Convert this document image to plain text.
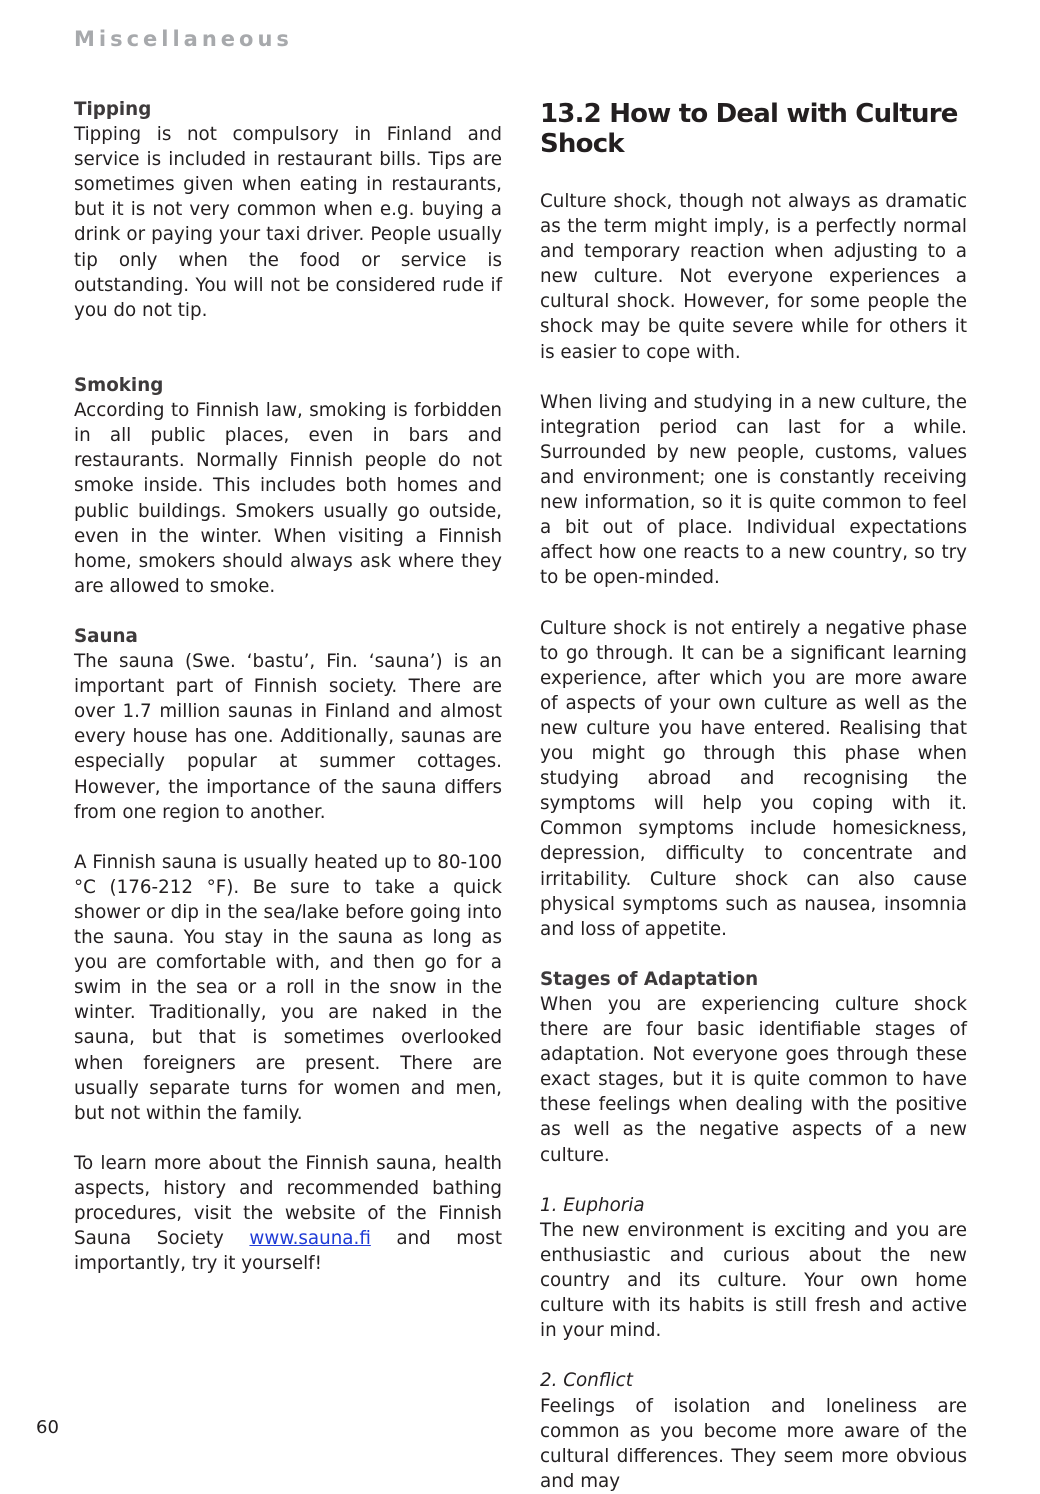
Miscellaneous

Tipping

Tipping is not compulsory in Finland and service is included in restaurant bills. Tips are sometimes given when eating in restaurants, but it is not very common when e.g. buying a drink or paying your taxi driver. People usually tip only when the food or service is outstanding. You will not be considered rude if you do not tip.

Smoking

According to Finnish law, smoking is forbidden in all public places, even in bars and restaurants. Normally Finnish people do not smoke inside. This includes both homes and public buildings. Smokers usually go outside, even in the winter. When visiting a Finnish home, smokers should always ask where they are allowed to smoke.

Sauna

The sauna (Swe. ‘bastu’, Fin. ‘sauna’) is an important part of Finnish society. There are over 1.7 million saunas in Finland and almost every house has one. Additionally, saunas are especially popular at summer cottages. However, the importance of the sauna differs from one region to another.

A Finnish sauna is usually heated up to 80-100 °C (176-212 °F). Be sure to take a quick shower or dip in the sea/lake before going into the sauna. You stay in the sauna as long as you are comfortable with, and then go for a swim in the sea or a roll in the snow in the winter. Traditionally, you are naked in the sauna, but that is sometimes overlooked when foreigners are present. There are usually separate turns for women and men, but not within the family.

To learn more about the Finnish sauna, health aspects, history and recommended bathing procedures, visit the website of the Finnish Sauna Society www.sauna.fi and most importantly, try it yourself!

13.2 How to Deal with Culture Shock

Culture shock, though not always as dramatic as the term might imply, is a perfectly normal and temporary reaction when adjusting to a new culture. Not everyone experiences a cultural shock. However, for some people the shock may be quite severe while for others it is easier to cope with.

When living and studying in a new culture, the integration period can last for a while. Surrounded by new people, customs, values and environment; one is constantly receiving new information, so it is quite common to feel a bit out of place. Individual expectations affect how one reacts to a new country, so try to be open-minded.

Culture shock is not entirely a negative phase to go through. It can be a significant learning experience, after which you are more aware of aspects of your own culture as well as the new culture you have entered. Realising that you might go through this phase when studying abroad and recognising the symptoms will help you coping with it. Common symptoms include homesickness, depression, difficulty to concentrate and irritability. Culture shock can also cause physical symptoms such as nausea, insomnia and loss of appetite.

Stages of Adaptation

When you are experiencing culture shock there are four basic identifiable stages of adaptation. Not everyone goes through these exact stages, but it is quite common to have these feelings when dealing with the positive as well as the negative aspects of a new culture.

1. Euphoria

The new environment is exciting and you are enthusiastic and curious about the new country and its culture. Your own home culture with its habits is still fresh and active in your mind.

2. Conflict

Feelings of isolation and loneliness are common as you become more aware of the cultural differences. They seem more obvious and may

60
